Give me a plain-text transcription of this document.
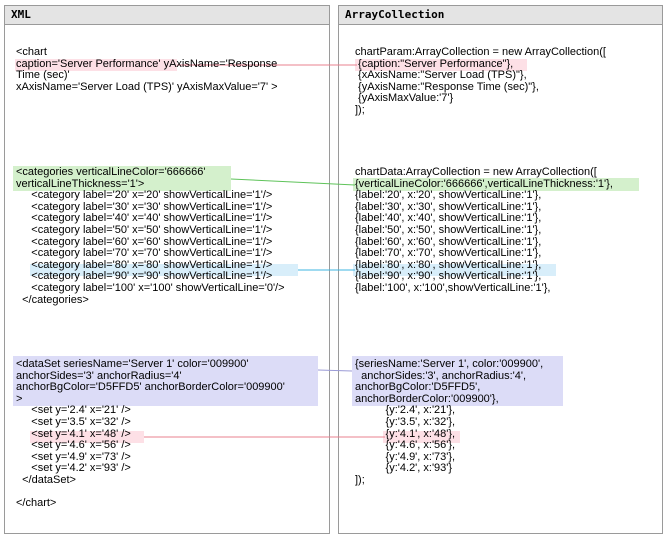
XML	ArrayCollection
<chart
caption='Server Performance' yAxisName='Response
Time (sec)'
xAxisName='Server Load (TPS)' yAxisMaxValue='7' >
<categories verticalLineColor='666666'
verticalLineThickness='1'>
<category label='20' x='20' showVerticalLine='1'/>
<category label='30' x='30' showVerticalLine='1'/>
<category label='40' x='40' showVerticalLine='1'/>
<category label='50' x='50' showVerticalLine='1'/>
<category label='60' x='60' showVerticalLine='1'/>
<category label='70' x='70' showVerticalLine='1'/>
<category label='80' x='80' showVerticalLine='1'/>
<category label='90' x='90' showVerticalLine='1'/>
<category label='100' x='100' showVerticalLine='0'/>
</categories>
<dataSet seriesName='Server 1' color='009900'
anchorSides='3' anchorRadius='4'
anchorBgColor='D5FFD5' anchorBorderColor='009900'
>
<set y='2.4' x='21' />
<set y='3.5' x='32' />
<set y='4.1' x='48' />
<set y='4.6' x='56' />
<set y='4.9' x='73' />
<set y='4.2' x='93' />
</dataSet>
</chart>
chartParam:ArrayCollection = new ArrayCollection([
{caption:"Server Performance"},
{xAxisName:"Server Load (TPS)"},
{yAxisName:"Response Time (sec)"},
{yAxisMaxValue:'7'}
]);
chartData:ArrayCollection = new ArrayCollection([
{verticalLineColor:'666666',verticalLineThickness:'1'},
{label:'20', x:'20', showVerticalLine:'1'},
{label:'30', x:'30', showVerticalLine:'1'},
{label:'40', x:'40', showVerticalLine:'1'},
{label:'50', x:'50', showVerticalLine:'1'},
{label:'60', x:'60', showVerticalLine:'1'},
{label:'70', x:'70', showVerticalLine:'1'},
{label:'80', x:'80', showVerticalLine:'1'},
{label:'90', x:'90', showVerticalLine:'1'},
{label:'100', x:'100',showVerticalLine:'1'},
{seriesName:'Server 1', color:'009900',
anchorSides:'3', anchorRadius:'4',
anchorBgColor:'D5FFD5',
anchorBorderColor:'009900'},
{y:'2.4', x:'21'},
{y:'3.5', x:'32'},
{y:'4.1', x:'48'},
{y:'4.6', x:'56'},
{y:'4.9', x:'73'},
{y:'4.2', x:'93'}
]);
